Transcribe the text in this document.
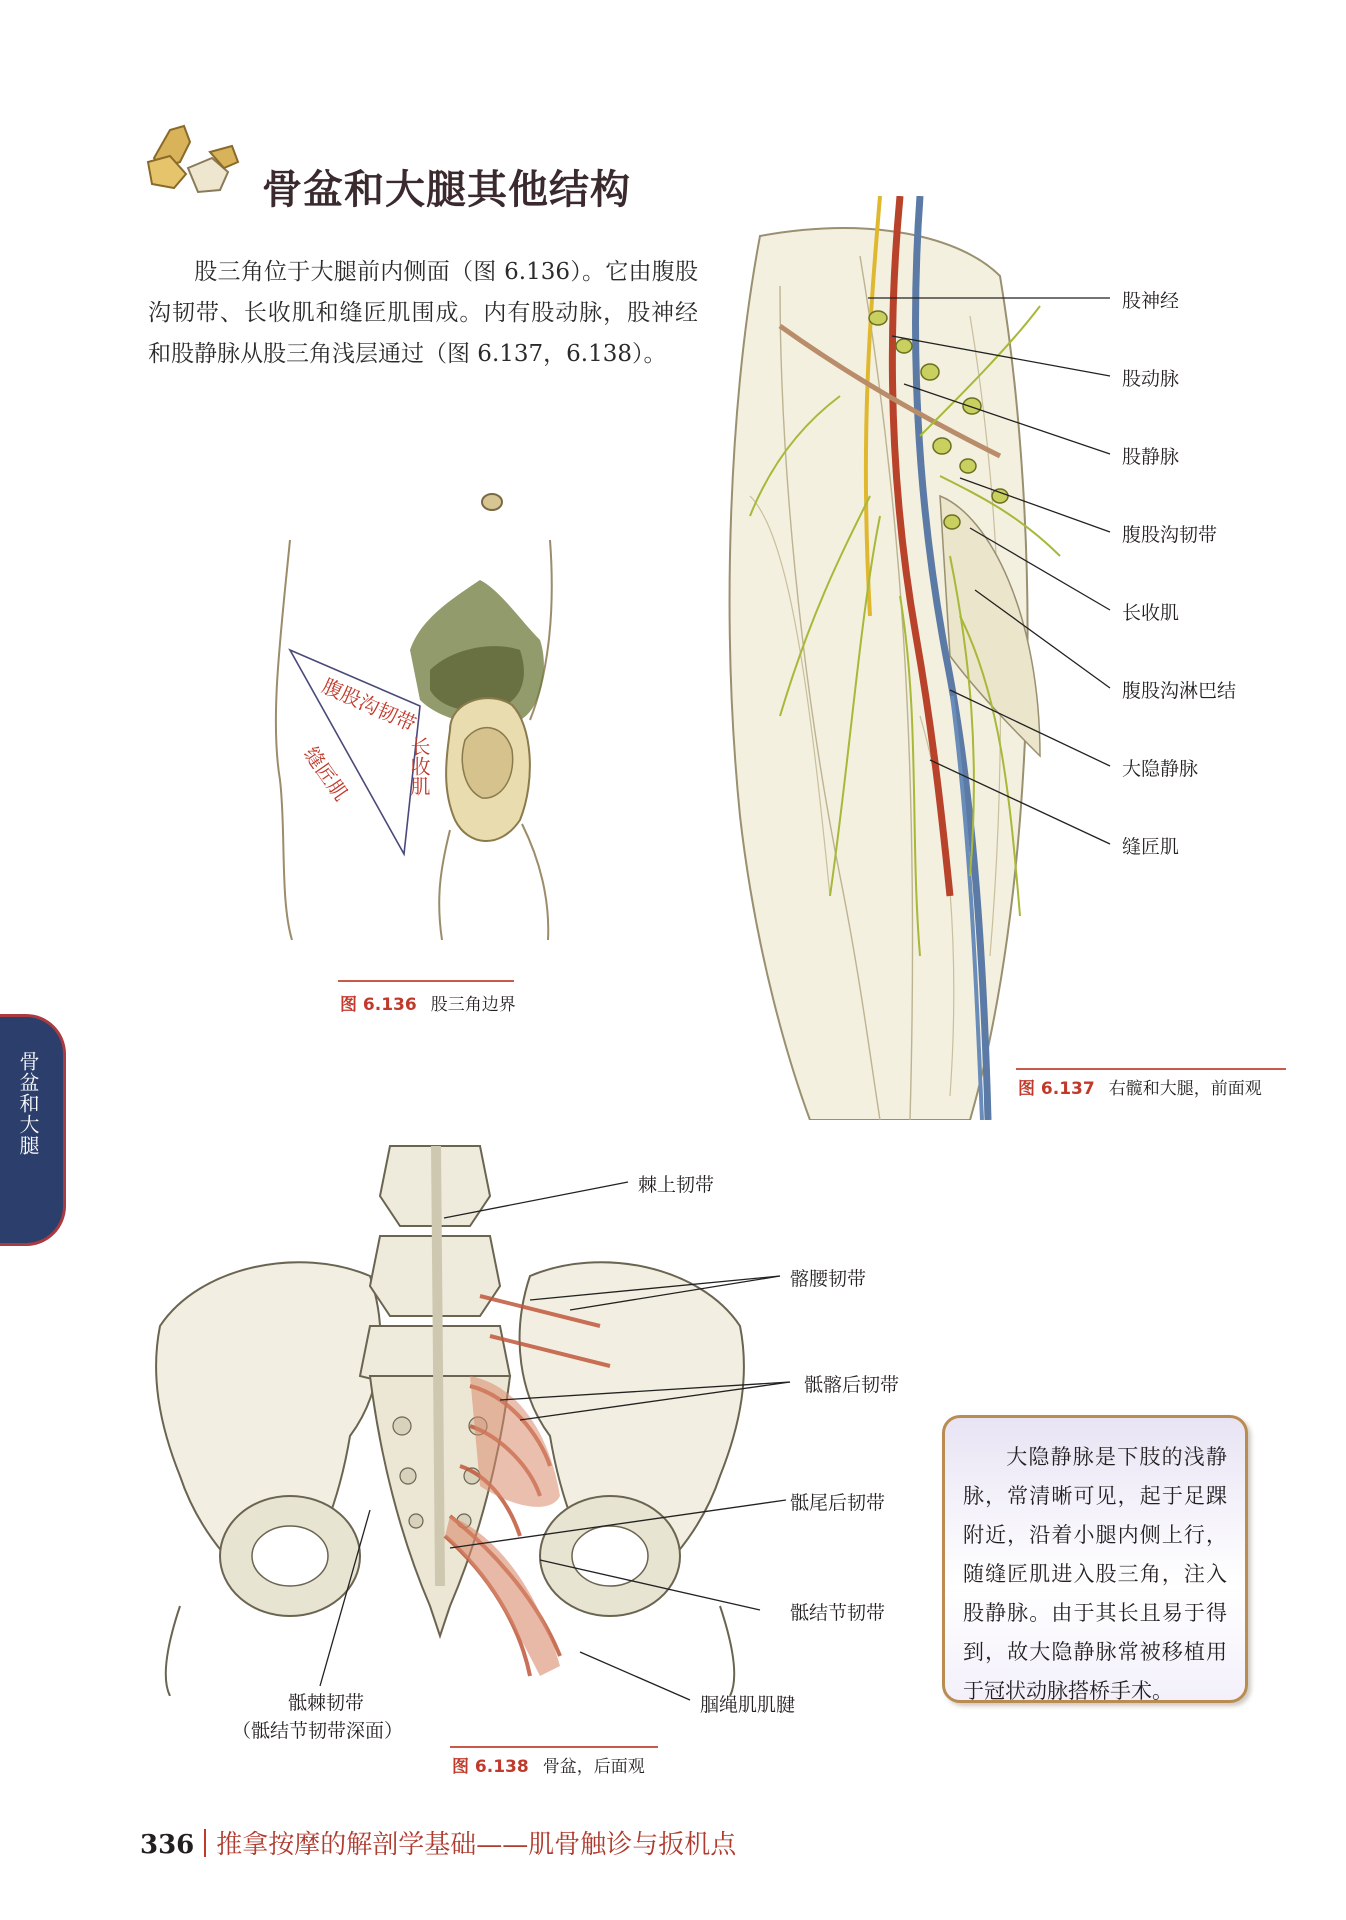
骨盆和大腿其他结构
股三角位于大腿前内侧面（图 6.136）。它由腹股沟韧带、长收肌和缝匠肌围成。内有股动脉，股神经和股静脉从股三角浅层通过（图 6.137，6.138）。
腹股沟韧带
缝匠肌	长收肌
图 6.136 股三角边界
股神经
股动脉
股静脉
腹股沟韧带
长收肌
腹股沟淋巴结
大隐静脉
缝匠肌
图 6.137 右髋和大腿，前面观
骨盆和大腿
棘上韧带
髂腰韧带
骶髂后韧带
骶尾后韧带
骶结节韧带
腘绳肌肌腱
骶棘韧带
（骶结节韧带深面）
图 6.138 骨盆，后面观
大隐静脉是下肢的浅静脉，常清晰可见，起于足踝附近，沿着小腿内侧上行，随缝匠肌进入股三角，注入股静脉。由于其长且易于得到，故大隐静脉常被移植用于冠状动脉搭桥手术。
336 推拿按摩的解剖学基础——肌骨触诊与扳机点
